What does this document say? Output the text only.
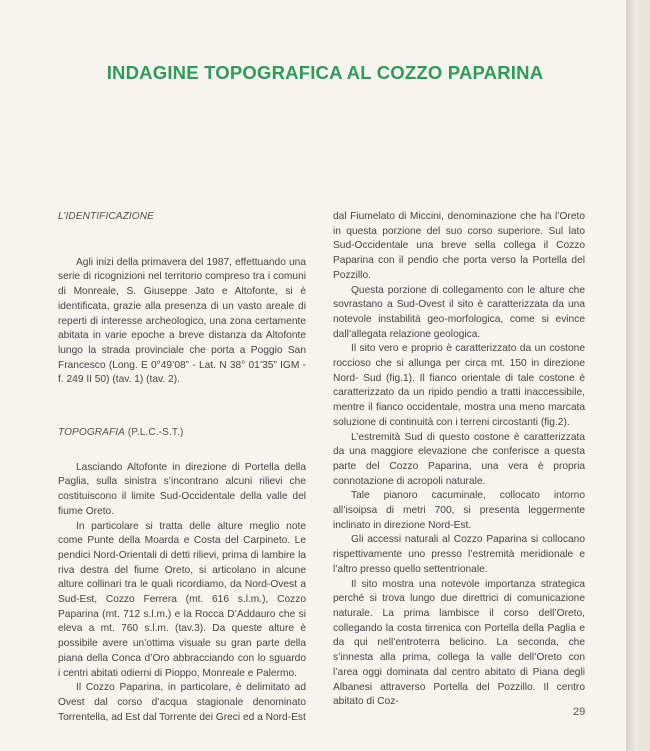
INDAGINE TOPOGRAFICA AL COZZO PAPARINA
L’IDENTIFICAZIONE

Agli inizi della primavera del 1987, effettuando una serie di ricognizioni nel territorio compreso tra i comuni di Monreale, S. Giuseppe Jato e Altofonte, si è identificata, grazie alla presenza di un vasto areale di reperti di interesse archeologico, una zona certamente abitata in varie epoche a breve distanza da Altofonte lungo la strada provinciale che porta a Poggio San Francesco (Long. E 0°49’08” - Lat. N 38° 01’35” IGM - f. 249 II 50) (tav. 1) (tav. 2).

TOPOGRAFIA (P.L.C.-S.T.)

Lasciando Altofonte in direzione di Portella della Paglia, sulla sinistra s’incontrano alcuni rilievi che costituiscono il limite Sud-Occidentale della valle del fiume Oreto.

In particolare si tratta delle alture meglio note come Punte della Moarda e Costa del Carpineto. Le pendici Nord-Orientali di detti rilievi, prima di lambire la riva destra del fiume Oreto, si articolano in alcune alture collinari tra le quali ricordiamo, da Nord-Ovest a Sud-Est, Cozzo Ferrera (mt. 616 s.l.m.), Cozzo Paparina (mt. 712 s.l.m.) e la Rocca D’Addauro che si eleva a mt. 760 s.l.m. (tav.3). Da queste alture è possibile avere un’ottima visuale su gran parte della piana della Conca d’Oro abbracciando con lo sguardo i centri abitati odierni di Pioppo, Monreale e Palermo.

Il Cozzo Paparina, in particolare, è delimitato ad Ovest dal corso d’acqua stagionale denominato Torrentella, ad Est dal Torrente dei Greci ed a Nord-Est

dal Fiumelato di Miccini, denominazione che ha l’Oreto in questa porzione del suo corso superiore. Sul lato Sud-Occidentale una breve sella collega il Cozzo Paparina con il pendio che porta verso la Portella del Pozzillo.

Questa porzione di collegamento con le alture che sovrastano a Sud-Ovest il sito è caratterizzata da una notevole instabilità geo-morfologica, come si evince dall’allegata relazione geologica.

Il sito vero e proprio è caratterizzato da un costone roccioso che si allunga per circa mt. 150 in direzione Nord- Sud (fig.1). Il fianco orientale di tale costone è caratterizzato da un ripido pendio a tratti inaccessibile, mentre il fianco occidentale, mostra una meno marcata soluzione di continuità con i terreni circostanti (fig.2).

L’estremità Sud di questo costone è caratterizzata da una maggiore elevazione che conferisce a questa parte del Cozzo Paparina, una vera è propria connotazione di acropoli naturale.

Tale pianoro cacuminale, collocato intorno all’isoipsa di metri 700, si presenta leggermente inclinato in direzione Nord-Est.

Gli accessi naturali al Cozzo Paparina si collocano rispettivamente uno presso l’estremità meridionale e l’altro presso quello settentrionale.

Il sito mostra una notevole importanza strategica perché si trova lungo due direttrici di comunicazione naturale. La prima lambisce il corso dell’Oreto, collegando la costa tirrenica con Portella della Paglia e da qui nell’entroterra belicino. La seconda, che s’innesta alla prima, collega la valle dell’Oreto con l’area oggi dominata dal centro abitato di Piana degli Albanesi attraverso Portella del Pozzillo. Il centro abitato di Coz-

29
